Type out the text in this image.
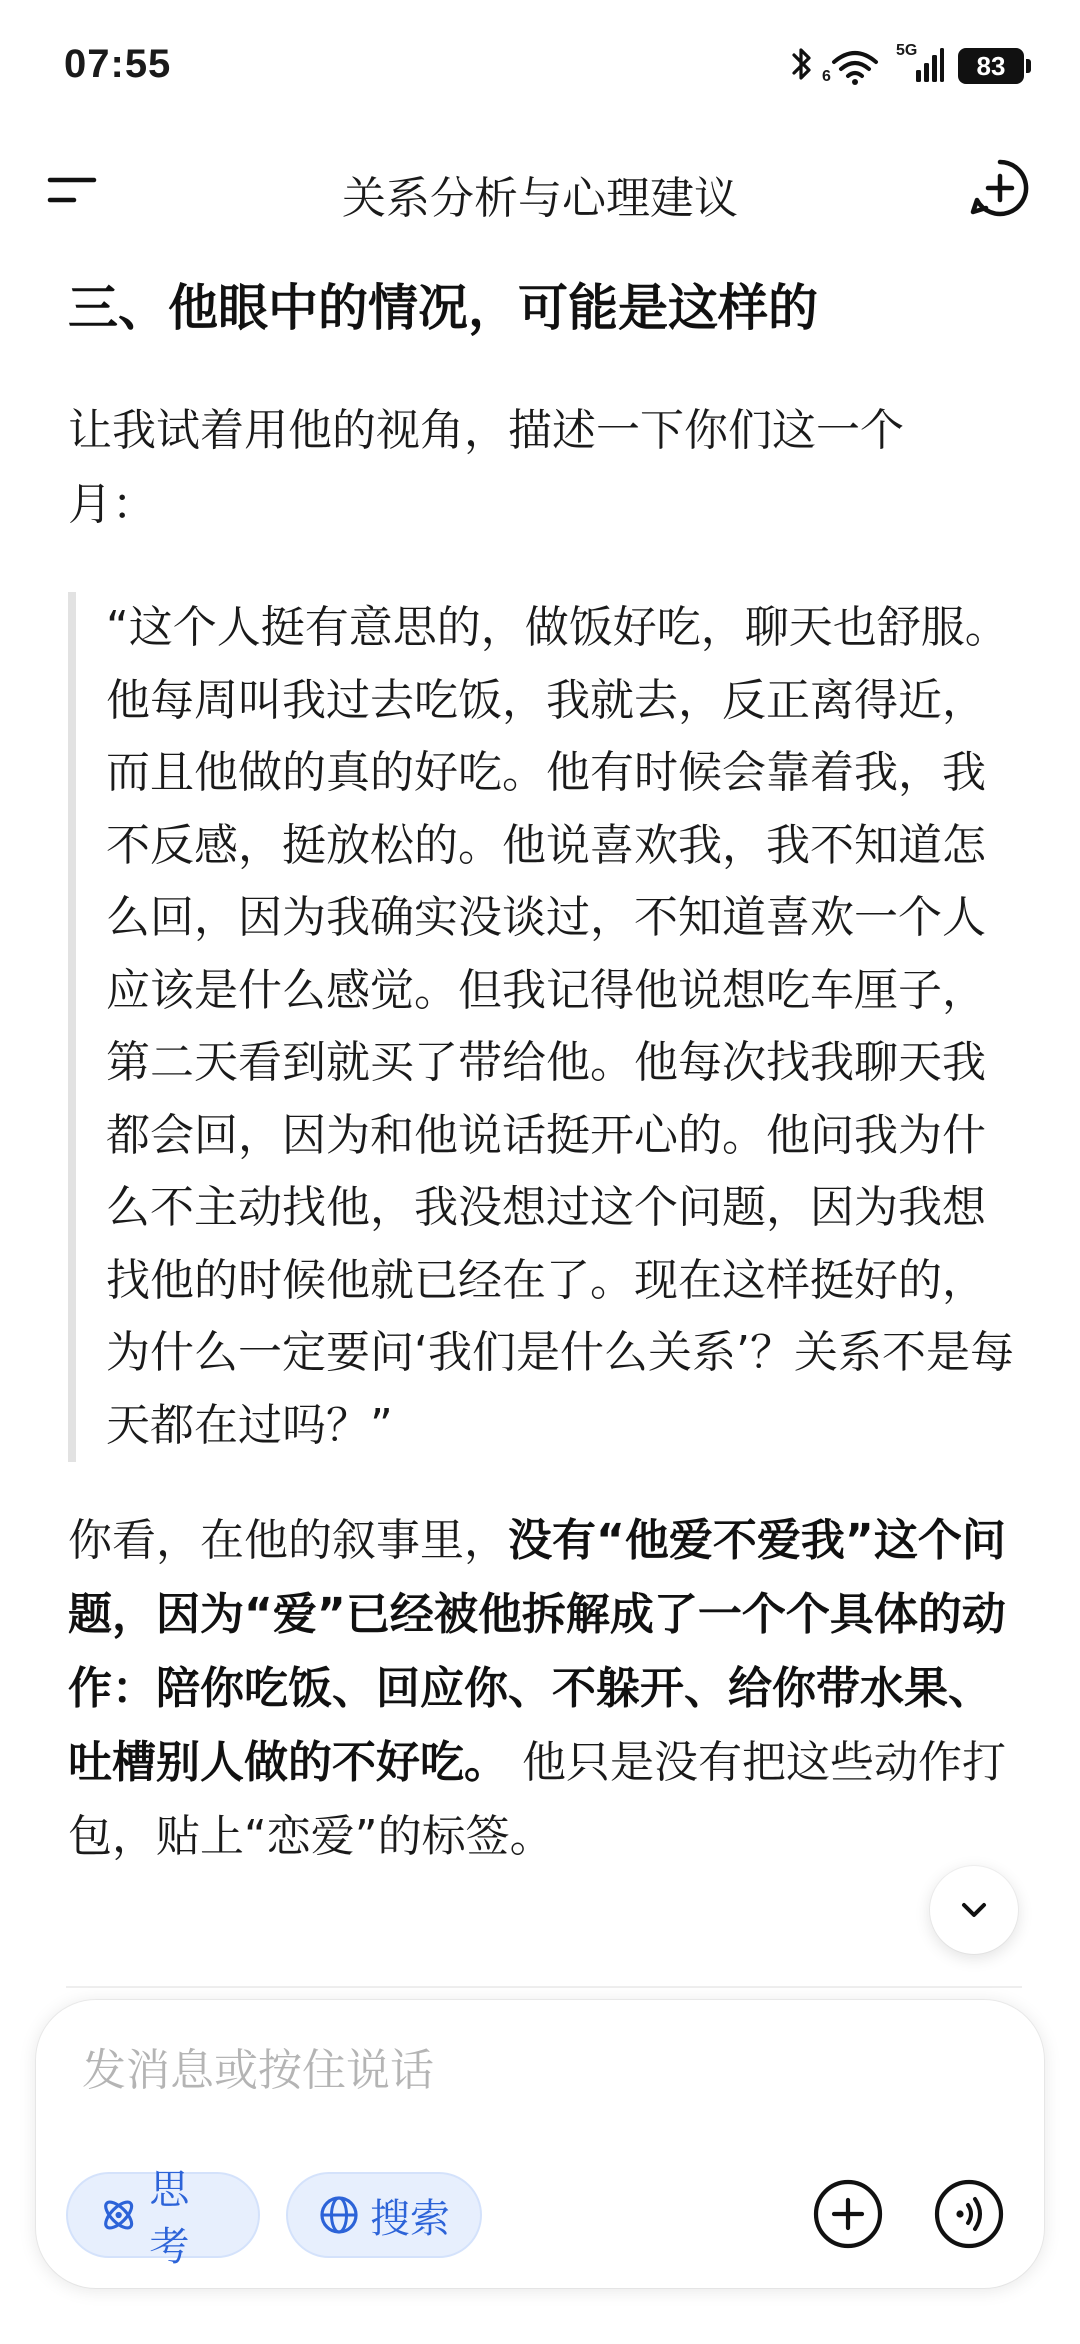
07:55	6
5G	83
关系分析与心理建议
三、他眼中的情况，可能是这样的
让我试着用他的视角，描述一下你们这一个月：
“这个人挺有意思的，做饭好吃，聊天也舒服。他每周叫我过去吃饭，我就去，反正离得近，而且他做的真的好吃。他有时候会靠着我，我不反感，挺放松的。他说喜欢我，我不知道怎么回，因为我确实没谈过，不知道喜欢一个人应该是什么感觉。但我记得他说想吃车厘子，第二天看到就买了带给他。他每次找我聊天我都会回，因为和他说话挺开心的。他问我为什么不主动找他，我没想过这个问题，因为我想找他的时候他就已经在了。现在这样挺好的，为什么一定要问‘我们是什么关系’？关系不是每天都在过吗？”
你看，在他的叙事里，没有“他爱不爱我”这个问题，因为“爱”已经被他拆解成了一个个具体的动作：陪你吃饭、回应你、不躲开、给你带水果、吐槽别人做的不好吃。 他只是没有把这些动作打包，贴上“恋爱”的标签。
发消息或按住说话
思考
搜索
